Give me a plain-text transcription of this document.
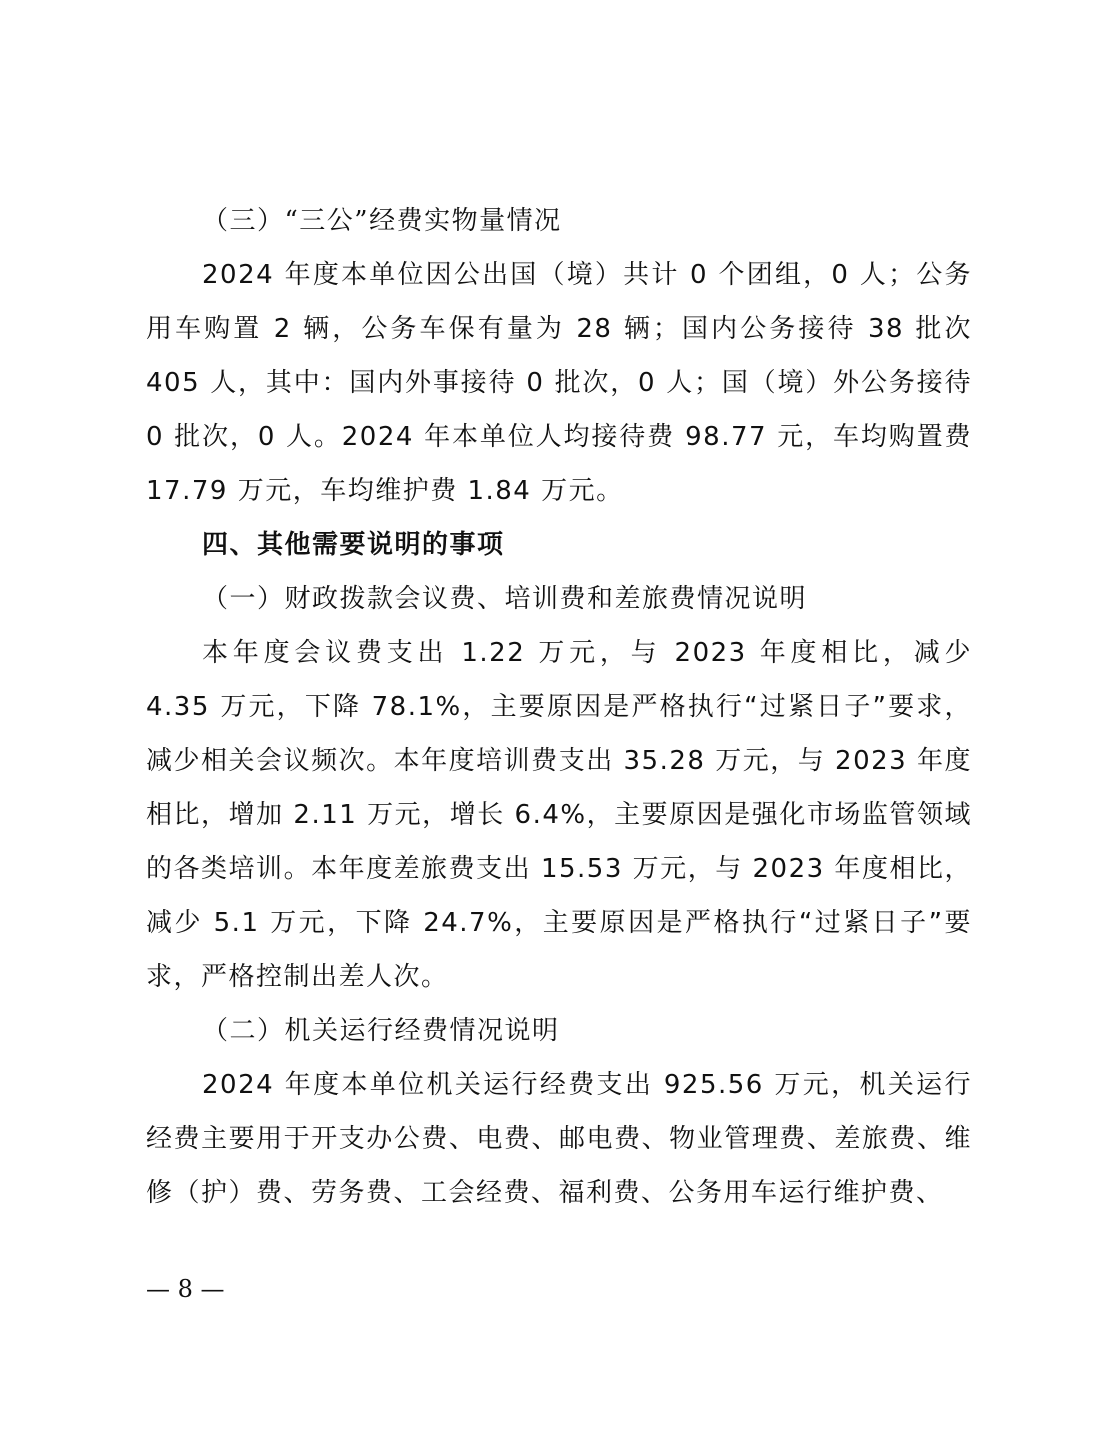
（三）“三公”经费实物量情况

2024 年度本单位因公出国（境）共计 0 个团组，0 人；公务用车购置 2 辆，公务车保有量为 28 辆；国内公务接待 38 批次 405 人，其中：国内外事接待 0 批次，0 人；国（境）外公务接待 0 批次，0 人。2024 年本单位人均接待费 98.77 元，车均购置费 17.79 万元，车均维护费 1.84 万元。

四、其他需要说明的事项

（一）财政拨款会议费、培训费和差旅费情况说明

本年度会议费支出 1.22 万元，与 2023 年度相比，减少 4.35 万元，下降 78.1%，主要原因是严格执行“过紧日子”要求，减少相关会议频次。本年度培训费支出 35.28 万元，与 2023 年度相比，增加 2.11 万元，增长 6.4%，主要原因是强化市场监管领域的各类培训。本年度差旅费支出 15.53 万元，与 2023 年度相比，减少 5.1 万元，下降 24.7%，主要原因是严格执行“过紧日子”要求，严格控制出差人次。

（二）机关运行经费情况说明

2024 年度本单位机关运行经费支出 925.56 万元，机关运行经费主要用于开支办公费、电费、邮电费、物业管理费、差旅费、维修（护）费、劳务费、工会经费、福利费、公务用车运行维护费、

— 8 —
